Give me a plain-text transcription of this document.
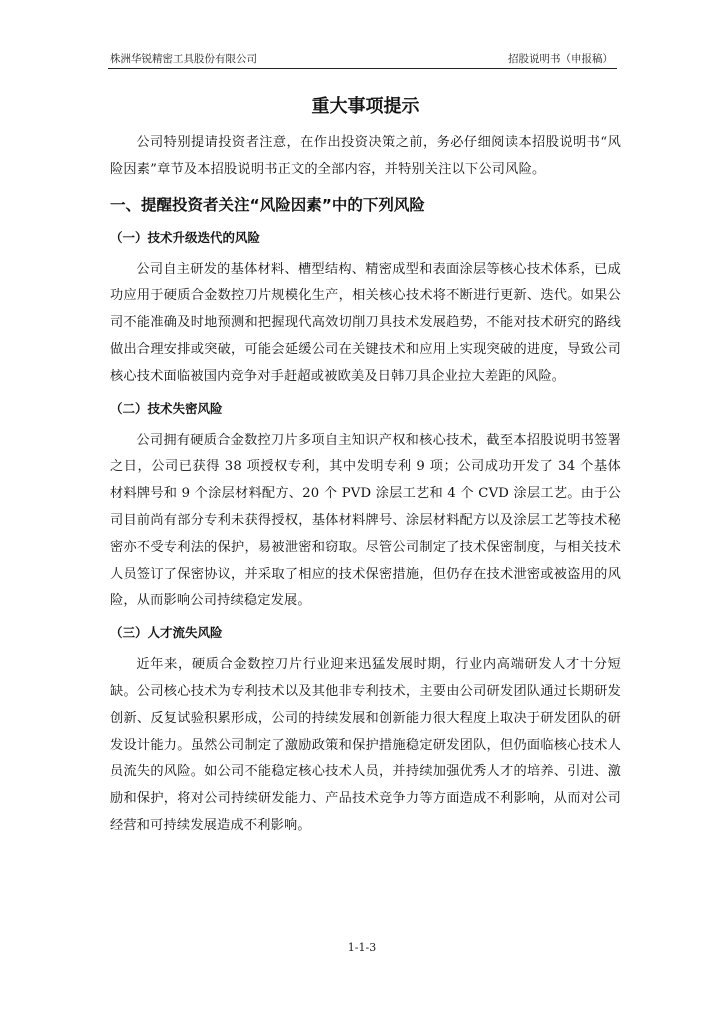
株洲华锐精密工具股份有限公司	招股说明书（申报稿）
重大事项提示

公司特别提请投资者注意，在作出投资决策之前，务必仔细阅读本招股说明书“风险因素”章节及本招股说明书正文的全部内容，并特别关注以下公司风险。

一、提醒投资者关注“风险因素”中的下列风险
（一）技术升级迭代的风险

公司自主研发的基体材料、槽型结构、精密成型和表面涂层等核心技术体系，已成功应用于硬质合金数控刀片规模化生产，相关核心技术将不断进行更新、迭代。如果公司不能准确及时地预测和把握现代高效切削刀具技术发展趋势，不能对技术研究的路线做出合理安排或突破，可能会延缓公司在关键技术和应用上实现突破的进度，导致公司核心技术面临被国内竞争对手赶超或被欧美及日韩刀具企业拉大差距的风险。

（二）技术失密风险

公司拥有硬质合金数控刀片多项自主知识产权和核心技术，截至本招股说明书签署之日，公司已获得 38 项授权专利，其中发明专利 9 项；公司成功开发了 34 个基体材料牌号和 9 个涂层材料配方、20 个 PVD 涂层工艺和 4 个 CVD 涂层工艺。由于公司目前尚有部分专利未获得授权，基体材料牌号、涂层材料配方以及涂层工艺等技术秘密亦不受专利法的保护，易被泄密和窃取。尽管公司制定了技术保密制度，与相关技术人员签订了保密协议，并采取了相应的技术保密措施，但仍存在技术泄密或被盗用的风险，从而影响公司持续稳定发展。

（三）人才流失风险

近年来，硬质合金数控刀片行业迎来迅猛发展时期，行业内高端研发人才十分短缺。公司核心技术为专利技术以及其他非专利技术，主要由公司研发团队通过长期研发创新、反复试验积累形成，公司的持续发展和创新能力很大程度上取决于研发团队的研发设计能力。虽然公司制定了激励政策和保护措施稳定研发团队，但仍面临核心技术人员流失的风险。如公司不能稳定核心技术人员，并持续加强优秀人才的培养、引进、激励和保护，将对公司持续研发能力、产品技术竞争力等方面造成不利影响，从而对公司经营和可持续发展造成不利影响。

1-1-3
